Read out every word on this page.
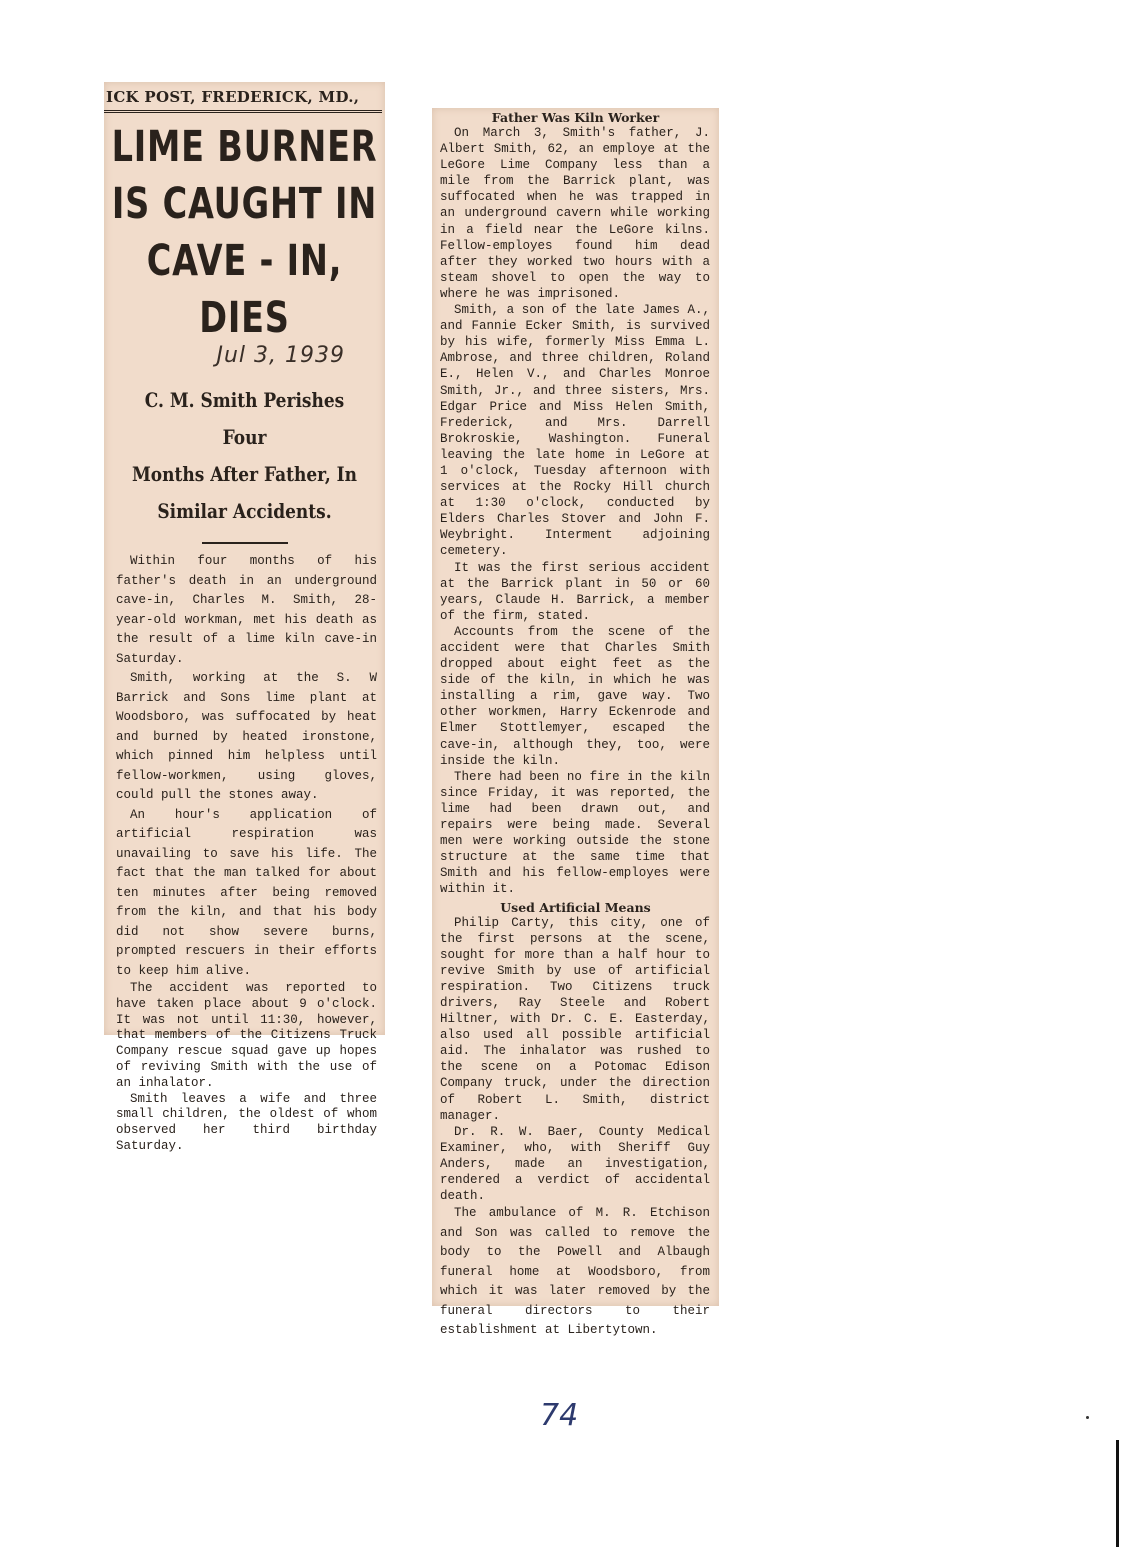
ICK POST, FREDERICK, MD.,
LIME BURNER
IS CAUGHT IN
CAVE - IN, DIES
Jul 3, 1939
C. M. Smith Perishes Four
Months After Father, In
Similar Accidents.

Within four months of his father's death in an underground cave-in, Charles M. Smith, 28-year-old workman, met his death as the result of a lime kiln cave-in Saturday.

Smith, working at the S. W Barrick and Sons lime plant at Woodsboro, was suffocated by heat and burned by heated ironstone, which pinned him helpless until fellow-workmen, using gloves, could pull the stones away.

An hour's application of artificial respiration was unavailing to save his life. The fact that the man talked for about ten minutes after being removed from the kiln, and that his body did not show severe burns, prompted rescuers in their efforts to keep him alive.

The accident was reported to have taken place about 9 o'clock. It was not until 11:30, however, that members of the Citizens Truck Company rescue squad gave up hopes of reviving Smith with the use of an inhalator.

Smith leaves a wife and three small children, the oldest of whom observed her third birthday Saturday.

Father Was Kiln Worker

On March 3, Smith's father, J. Albert Smith, 62, an employe at the LeGore Lime Company less than a mile from the Barrick plant, was suffocated when he was trapped in an underground cavern while working in a field near the LeGore kilns. Fellow-employes found him dead after they worked two hours with a steam shovel to open the way to where he was imprisoned.

Smith, a son of the late James A., and Fannie Ecker Smith, is survived by his wife, formerly Miss Emma L. Ambrose, and three children, Roland E., Helen V., and Charles Monroe Smith, Jr., and three sisters, Mrs. Edgar Price and Miss Helen Smith, Frederick, and Mrs. Darrell Brokroskie, Washington. Funeral leaving the late home in LeGore at 1 o'clock, Tuesday afternoon with services at the Rocky Hill church at 1:30 o'clock, conducted by Elders Charles Stover and John F. Weybright. Interment adjoining cemetery.

It was the first serious accident at the Barrick plant in 50 or 60 years, Claude H. Barrick, a member of the firm, stated.

Accounts from the scene of the accident were that Charles Smith dropped about eight feet as the side of the kiln, in which he was installing a rim, gave way. Two other workmen, Harry Eckenrode and Elmer Stottlemyer, escaped the cave-in, although they, too, were inside the kiln.

There had been no fire in the kiln since Friday, it was reported, the lime had been drawn out, and repairs were being made. Several men were working outside the stone structure at the same time that Smith and his fellow-employes were within it.

Used Artificial Means

Philip Carty, this city, one of the first persons at the scene, sought for more than a half hour to revive Smith by use of artificial respiration. Two Citizens truck drivers, Ray Steele and Robert Hiltner, with Dr. C. E. Easterday, also used all possible artificial aid. The inhalator was rushed to the scene on a Potomac Edison Company truck, under the direction of Robert L. Smith, district manager.

Dr. R. W. Baer, County Medical Examiner, who, with Sheriff Guy Anders, made an investigation, rendered a verdict of accidental death.

The ambulance of M. R. Etchison and Son was called to remove the body to the Powell and Albaugh funeral home at Woodsboro, from which it was later removed by the funeral directors to their establishment at Libertytown.

74
